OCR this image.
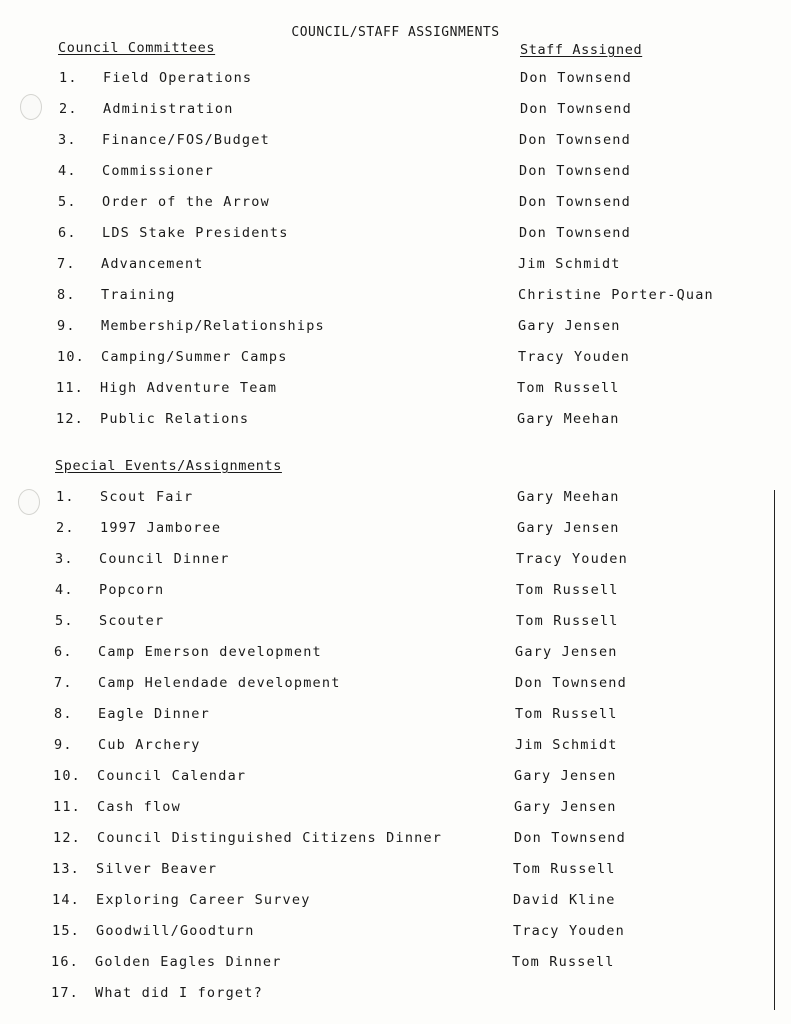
COUNCIL/STAFF ASSIGNMENTS
Council Committees	Staff Assigned
1. Field Operations	Don Townsend
2. Administration	Don Townsend
3. Finance/FOS/Budget	Don Townsend
4. Commissioner	Don Townsend
5. Order of the Arrow	Don Townsend
6. LDS Stake Presidents	Don Townsend
7. Advancement	Jim Schmidt
8. Training	Christine Porter-Quan
9. Membership/Relationships	Gary Jensen
10. Camping/Summer Camps	Tracy Youden
11. High Adventure Team	Tom Russell
12. Public Relations	Gary Meehan
Special Events/Assignments
1. Scout Fair	Gary Meehan
2. 1997 Jamboree	Gary Jensen
3. Council Dinner	Tracy Youden
4. Popcorn	Tom Russell
5. Scouter	Tom Russell
6. Camp Emerson development	Gary Jensen
7. Camp Helendade development	Don Townsend
8. Eagle Dinner	Tom Russell
9. Cub Archery	Jim Schmidt
10. Council Calendar	Gary Jensen
11. Cash flow	Gary Jensen
12. Council Distinguished Citizens Dinner	Don Townsend
13. Silver Beaver	Tom Russell
14. Exploring Career Survey	David Kline
15. Goodwill/Goodturn	Tracy Youden
16. Golden Eagles Dinner	Tom Russell
17. What did I forget?
